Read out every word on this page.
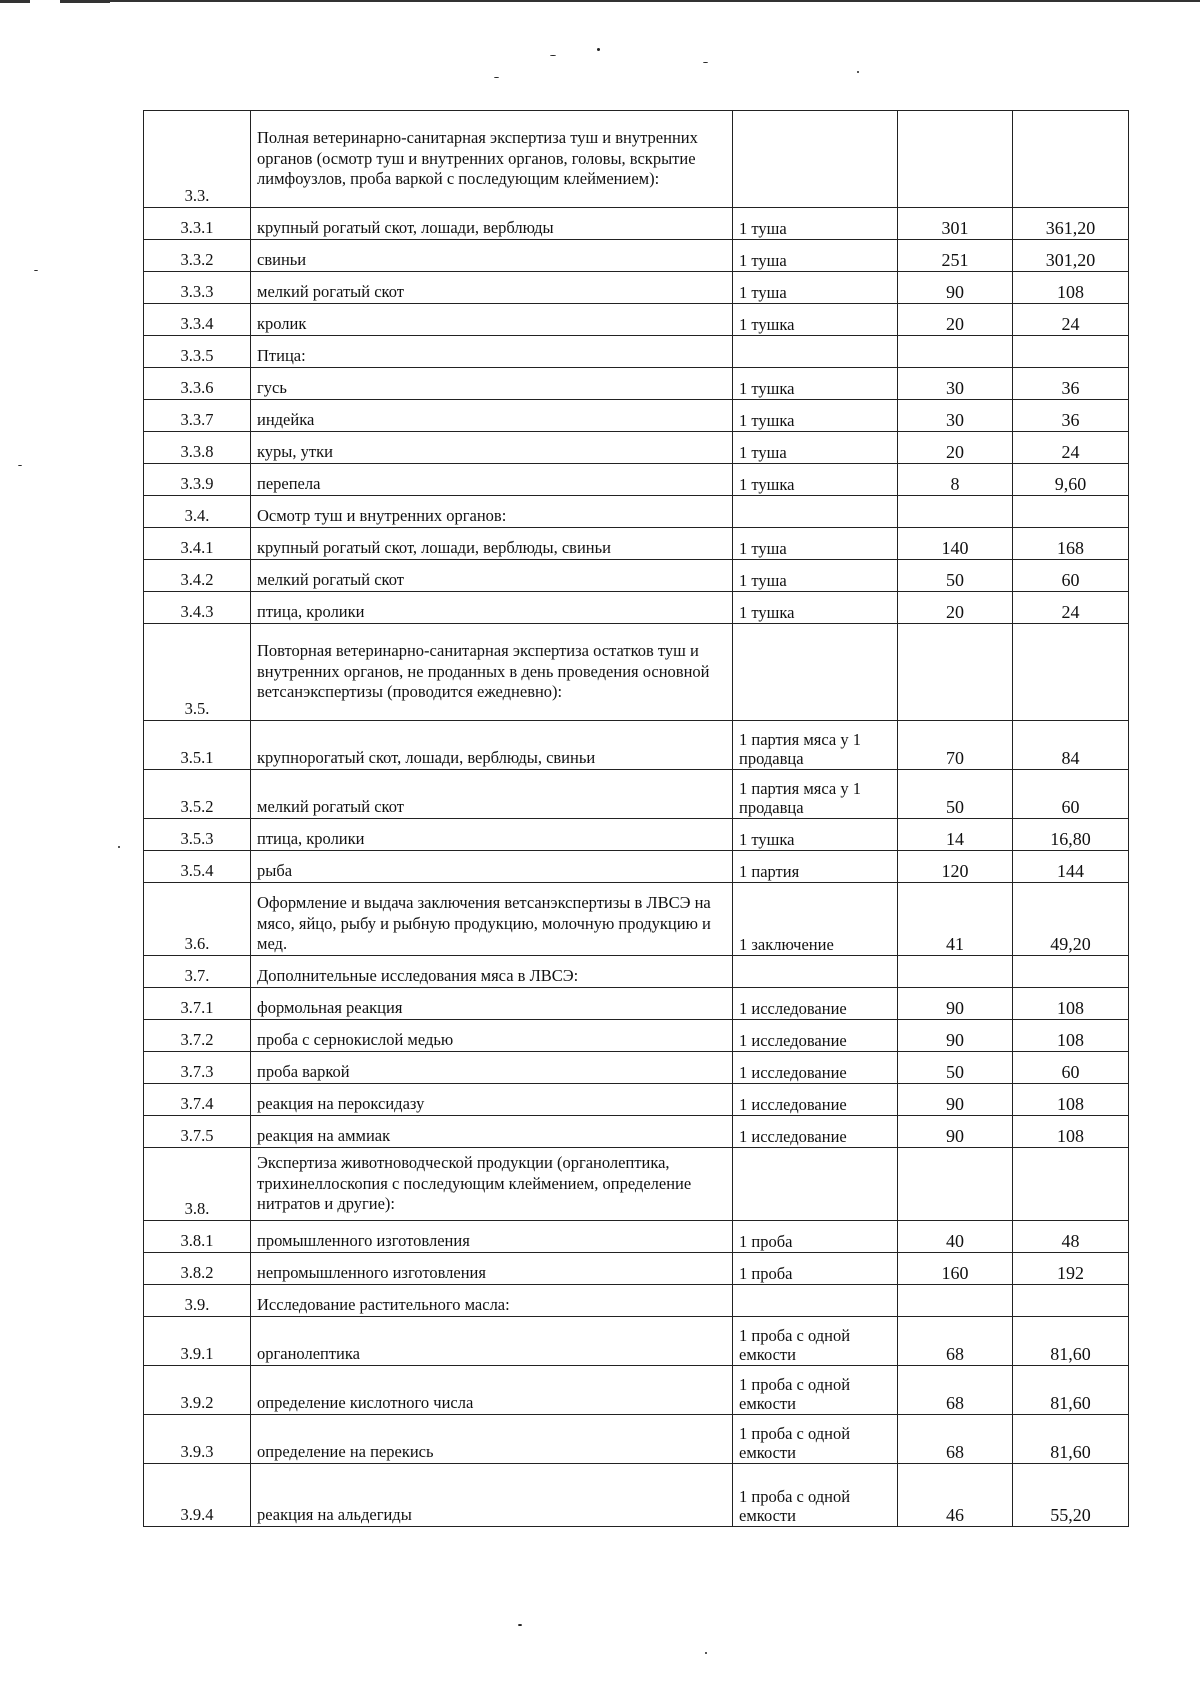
3.3.	Полная ветеринарно-санитарная экспертиза туш и внутренних органов (осмотр туш и внутренних органов, головы, вскрытие лимфоузлов, проба варкой с последующим клеймением):			
3.3.1	крупный рогатый скот, лошади, верблюды	1 туша	301	361,20
3.3.2	свиньи	1 туша	251	301,20
3.3.3	мелкий рогатый скот	1 туша	90	108
3.3.4	кролик	1 тушка	20	24
3.3.5	Птица:			
3.3.6	гусь	1 тушка	30	36
3.3.7	индейка	1 тушка	30	36
3.3.8	куры, утки	1 туша	20	24
3.3.9	перепела	1 тушка	8	9,60
3.4.	Осмотр туш и внутренних органов:			
3.4.1	крупный рогатый скот, лошади, верблюды, свиньи	1 туша	140	168
3.4.2	мелкий рогатый скот	1 туша	50	60
3.4.3	птица, кролики	1 тушка	20	24
3.5.	Повторная ветеринарно-санитарная экспертиза остатков туш и внутренних органов, не проданных в день проведения основной ветсанэкспертизы (проводится ежедневно):			
3.5.1	крупнорогатый скот, лошади, верблюды, свиньи	1 партия мяса у 1 продавца	70	84
3.5.2	мелкий рогатый скот	1 партия мяса у 1 продавца	50	60
3.5.3	птица, кролики	1 тушка	14	16,80
3.5.4	рыба	1 партия	120	144
3.6.	Оформление и выдача заключения ветсанэкспертизы в ЛВСЭ на мясо, яйцо, рыбу и рыбную продукцию, молочную продукцию и мед.	1 заключение	41	49,20
3.7.	Дополнительные исследования мяса в ЛВСЭ:			
3.7.1	формольная реакция	1 исследование	90	108
3.7.2	проба с сернокислой медью	1 исследование	90	108
3.7.3	проба варкой	1 исследование	50	60
3.7.4	реакция на пероксидазу	1 исследование	90	108
3.7.5	реакция на аммиак	1 исследование	90	108
3.8.	Экспертиза животноводческой продукции (органолептика, трихинеллоскопия с последующим клеймением, определение нитратов и другие):			
3.8.1	промышленного изготовления	1 проба	40	48
3.8.2	непромышленного изготовления	1 проба	160	192
3.9.	Исследование растительного масла:			
3.9.1	органолептика	1 проба с одной емкости	68	81,60
3.9.2	определение кислотного числа	1 проба с одной емкости	68	81,60
3.9.3	определение на перекись	1 проба с одной емкости	68	81,60
3.9.4	реакция на альдегиды	1 проба с одной емкости	46	55,20
